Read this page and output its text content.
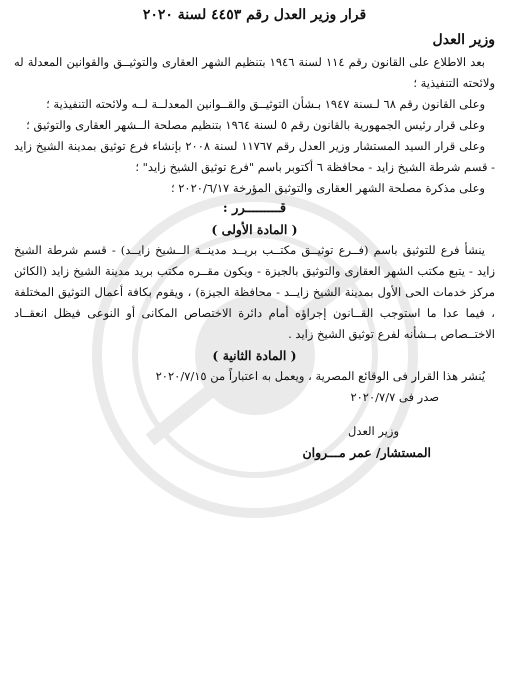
قرار وزير العدل رقم ٤٤٥٣ لسنة ٢٠٢٠
وزير العدل

بعد الاطلاع على القانون رقم ١١٤ لسنة ١٩٤٦ بتنظيم الشهر العقارى والتوثيــق والقوانين المعدلة له ولائحته التنفيذية ؛

وعلى القانون رقم ٦٨ لـسنة ١٩٤٧ بـشأن التوثيــق والقــوانين المعدلــة لــه ولائحته التنفيذية ؛

وعلى قرار رئيس الجمهورية بالقانون رقم ٥ لسنة ١٩٦٤ بتنظيم مصلحة الــشهر العقارى والتوثيق ؛

وعلى قرار السيد المستشار وزير العدل رقم ١١٧٦٧ لسنة ٢٠٠٨ بإنشاء فرع توثيق بمدينة الشيخ زايد - قسم شرطة الشيخ زايد - محافظة ٦ أكتوبر باسم "فرع توثيق الشيخ زايد" ؛

وعلى مذكرة مصلحة الشهر العقارى والتوثيق المؤرخة ٢٠٢٠/٦/١٧ ؛

قـــــــــرر :
( المادة الأولى )

ينشأ فرع للتوثيق باسم (فــرع توثيــق مكتــب بريــد مدينــة الــشيخ زايــد) - قسم شرطة الشيخ زايد - يتبع مكتب الشهر العقارى والتوثيق بالجيزة - ويكون مقــره مكتب بريد مدينة الشيخ زايد (الكائن مركز خدمات الحى الأول بمدينة الشيخ زايــد - محافظة الجيزة) ، ويقوم بكافة أعمال التوثيق المختلفة ، فيما عدا ما استوجب القــانون إجراؤه أمام دائرة الاختصاص المكانى أو النوعى فيظل انعقــاد الاختــصاص بــشأنه لفرع توثيق الشيخ زايد .

( المادة الثانية )

يُنشر هذا القرار فى الوقائع المصرية ، ويعمل به اعتباراً من ٢٠٢٠/٧/١٥

صدر فى ٢٠٢٠/٧/٧

وزير العدل
المستشار/ عمر مـــروان
